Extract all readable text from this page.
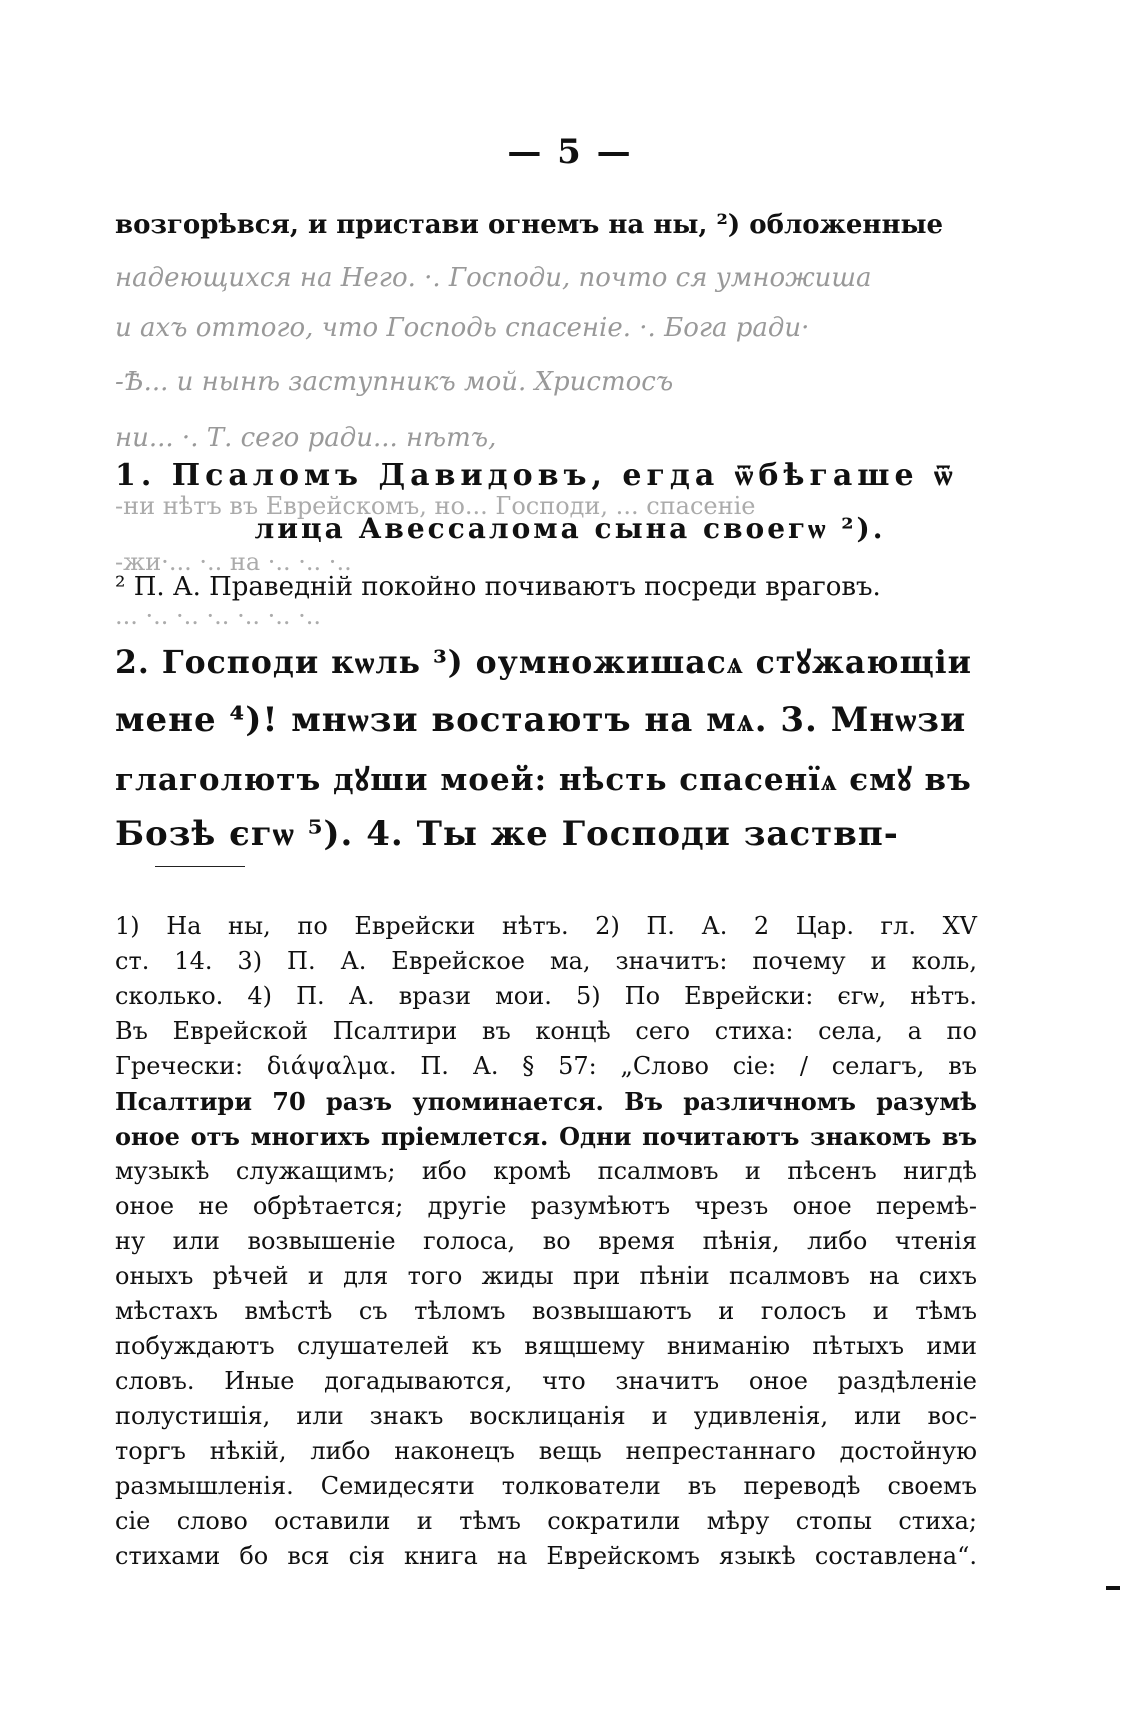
— 5 —
возгорѣвся, и пристави огнемъ на ны, ²) обложенные
надеющихся на Него. ·. Господи, почто ся умножиша
и ахъ оттого, что Господь спасеніе. ·. Бога ради·
-Ѣ... и нынѣ заступникъ мой. Христосъ
ни... ·. Т. сего ради... нѣтъ,
1. Псаломъ Давидовъ, егда ѿбѣгаше ѿ
-ни нѣтъ въ Еврейскомъ, но... Господи, ... спасеніе
лица Авессалома сына своегѡ ²).
-жи·... ·.. на ·.. ·.. ·..
² П. А. Праведній покойно почиваютъ посреди враговъ.
... ·.. ·.. ·.. ·.. ·.. ·..
2. Господи кѡль ³) оумножишасѧ стꙋжающіи
мене ⁴)! мнѡзи востаютъ на мѧ. 3. Мнѡзи
глаголютъ дꙋши моей: нѣсть спасенїѧ ємꙋ въ
Бозѣ єгѡ ⁵). 4. Ты же Господи заствп-
1) На ны, по Еврейски нѣтъ. 2) П. А. 2 Цар. гл. XV
ст. 14. 3) П. А. Еврейское ма, значитъ: почему и коль,
сколько. 4) П. А. врази мои. 5) По Еврейски: єгѡ, нѣтъ.
Въ Еврейской Псалтири въ концѣ сего стиха: села, а по
Гречески: διάψαλμα. П. А. § 57: „Слово сіе: / селагъ, въ
Псалтири 70 разъ упоминается. Въ различномъ разумѣ
оное отъ многихъ пріемлется. Одни почитаютъ знакомъ въ
музыкѣ служащимъ; ибо кромѣ псалмовъ и пѣсенъ нигдѣ
оное не обрѣтается; другіе разумѣютъ чрезъ оное перемѣ-
ну или возвышеніе голоса, во время пѣнія, либо чтенія
оныхъ рѣчей и для того жиды при пѣніи псалмовъ на сихъ
мѣстахъ вмѣстѣ съ тѣломъ возвышаютъ и голосъ и тѣмъ
побуждаютъ слушателей къ вящшему вниманію пѣтыхъ ими
словъ. Иные догадываются, что значитъ оное раздѣленіе
полустишія, или знакъ восклицанія и удивленія, или вос-
торгъ нѣкій, либо наконецъ вещь непрестаннаго достойную
размышленія. Семидесяти толкователи въ переводѣ своемъ
сіе слово оставили и тѣмъ сократили мѣру стопы стиха;
стихами бо вся сія книга на Еврейскомъ языкѣ составлена“.
